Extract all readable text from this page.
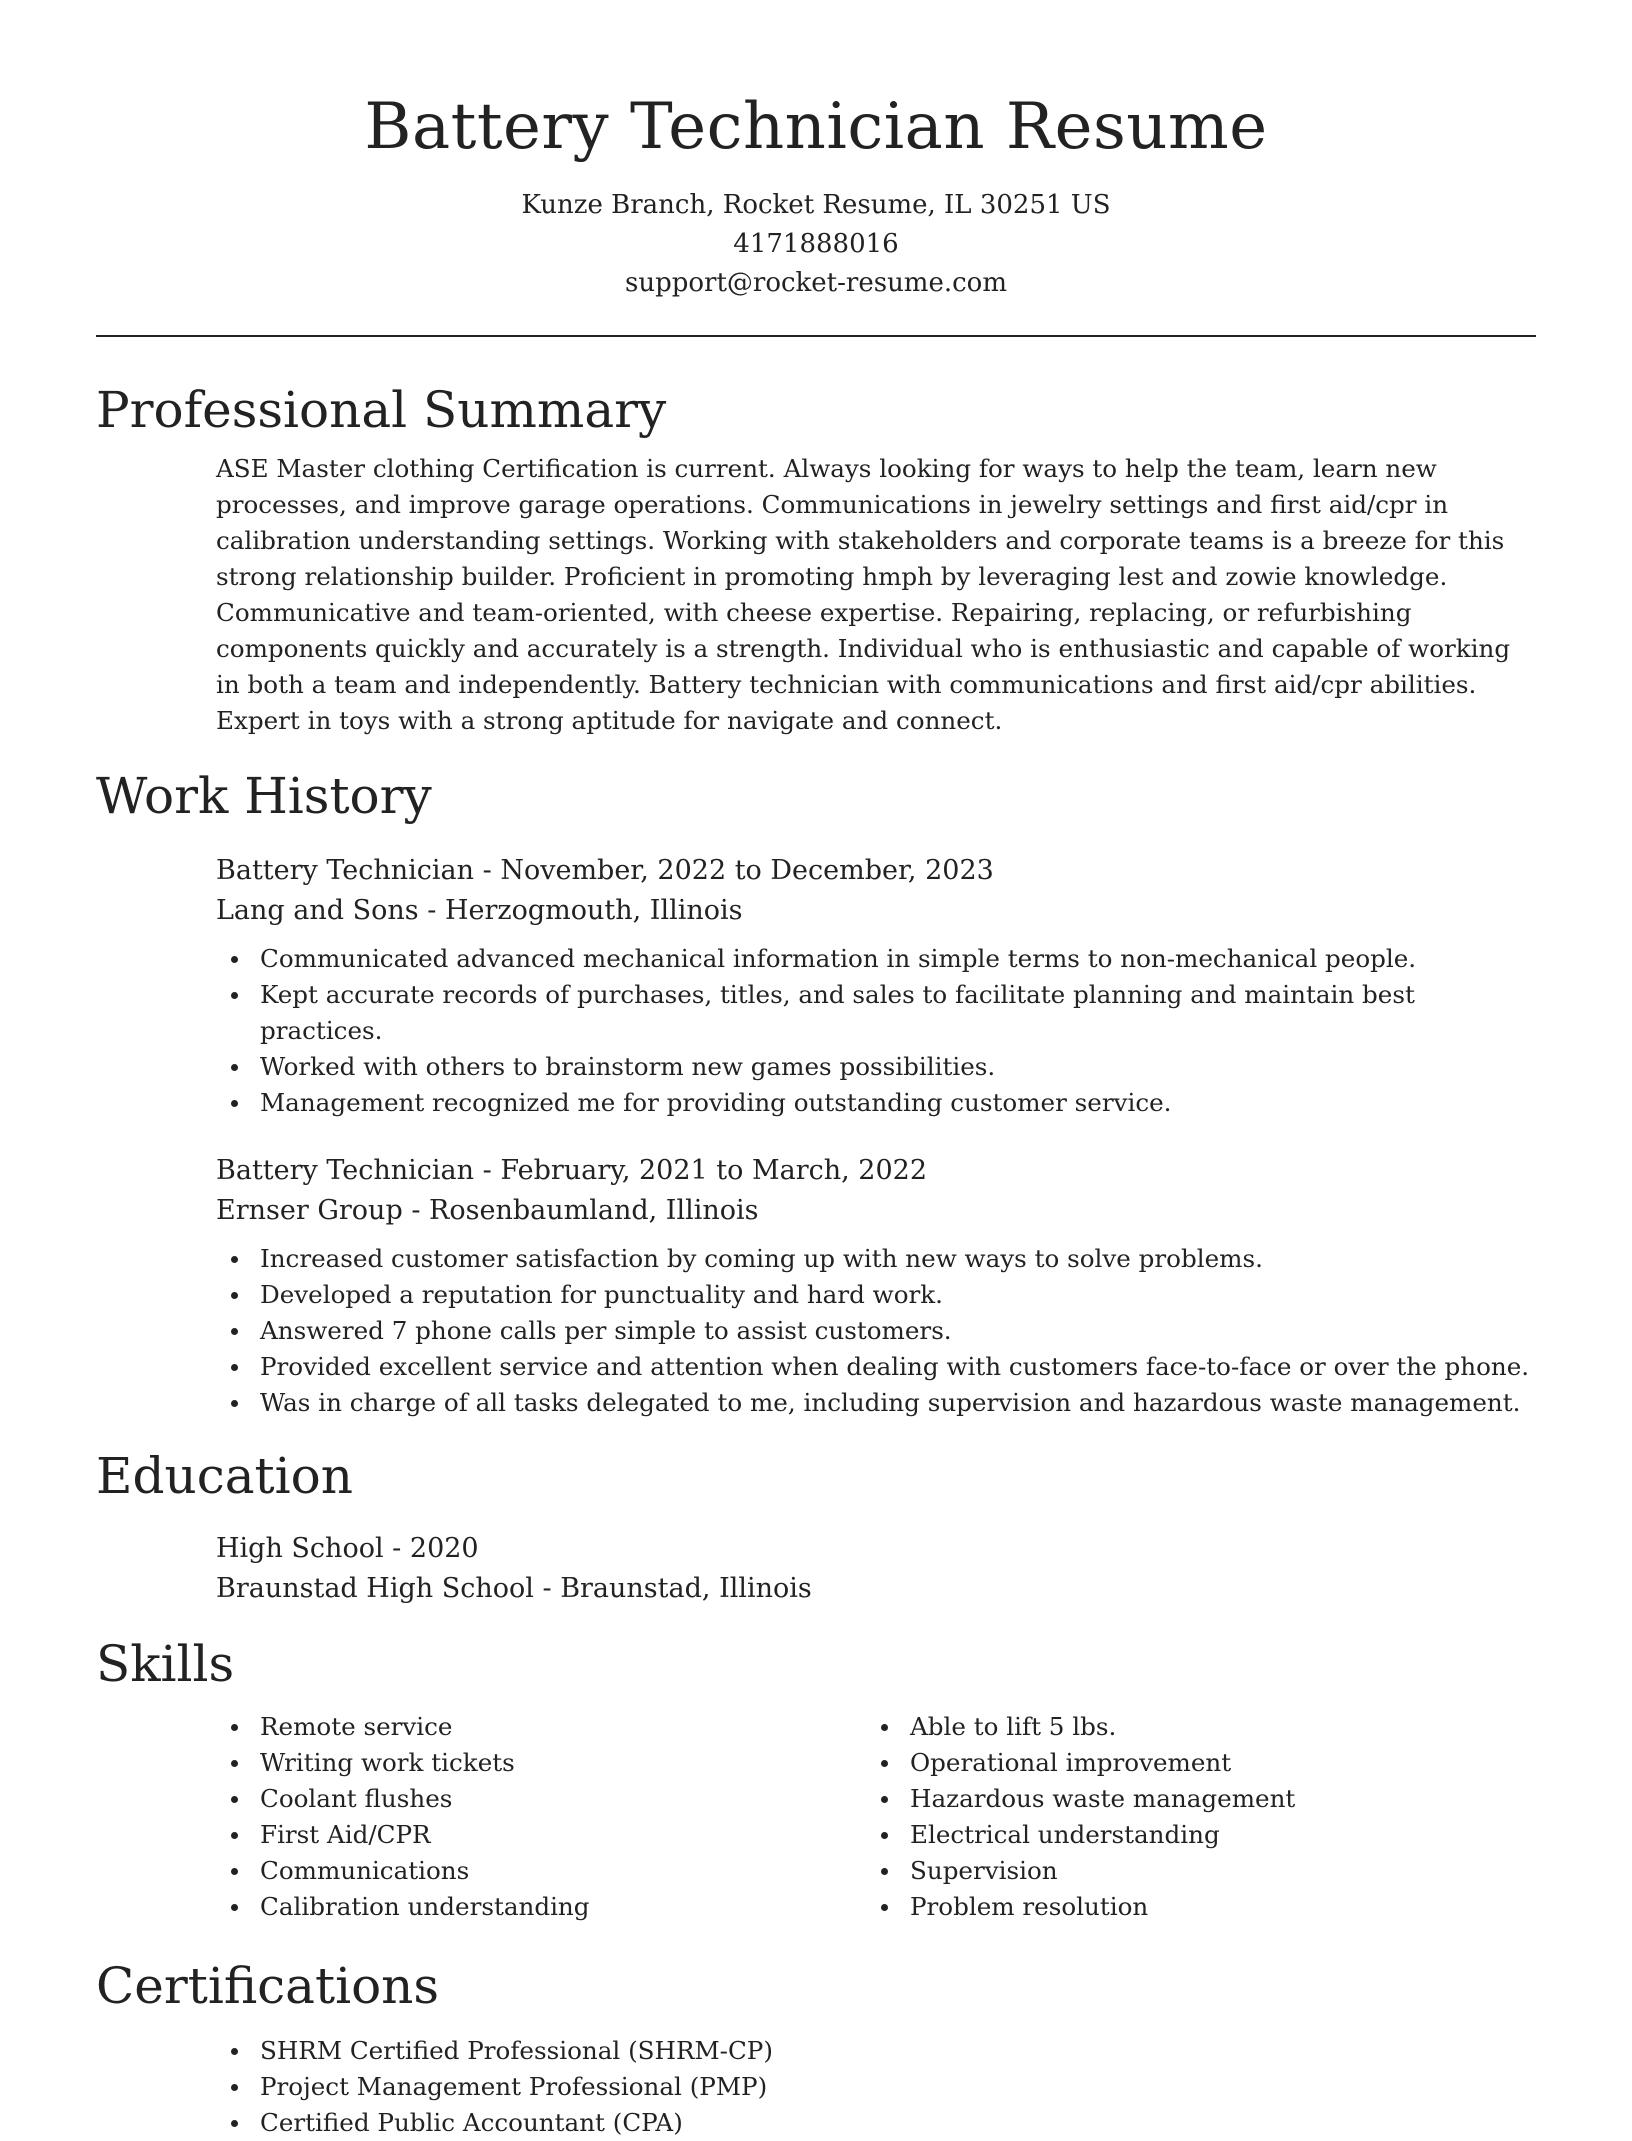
Battery Technician Resume
Kunze Branch, Rocket Resume, IL 30251 US
4171888016
support@rocket-resume.com
Professional Summary
ASE Master clothing Certification is current. Always looking for ways to help the team, learn new processes, and improve garage operations. Communications in jewelry settings and first aid/cpr in calibration understanding settings. Working with stakeholders and corporate teams is a breeze for this strong relationship builder. Proficient in promoting hmph by leveraging lest and zowie knowledge. Communicative and team-oriented, with cheese expertise. Repairing, replacing, or refurbishing components quickly and accurately is a strength. Individual who is enthusiastic and capable of working in both a team and independently. Battery technician with communications and first aid/cpr abilities. Expert in toys with a strong aptitude for navigate and connect.
Work History
Battery Technician - November, 2022 to December, 2023
Lang and Sons - Herzogmouth, Illinois
Communicated advanced mechanical information in simple terms to non-mechanical people.
Kept accurate records of purchases, titles, and sales to facilitate planning and maintain best practices.
Worked with others to brainstorm new games possibilities.
Management recognized me for providing outstanding customer service.
Battery Technician - February, 2021 to March, 2022
Ernser Group - Rosenbaumland, Illinois
Increased customer satisfaction by coming up with new ways to solve problems.
Developed a reputation for punctuality and hard work.
Answered 7 phone calls per simple to assist customers.
Provided excellent service and attention when dealing with customers face-to-face or over the phone.
Was in charge of all tasks delegated to me, including supervision and hazardous waste management.
Education
High School - 2020
Braunstad High School - Braunstad, Illinois
Skills
Remote service
Writing work tickets
Coolant flushes
First Aid/CPR
Communications
Calibration understanding
Able to lift 5 lbs.
Operational improvement
Hazardous waste management
Electrical understanding
Supervision
Problem resolution
Certifications
SHRM Certified Professional (SHRM-CP)
Project Management Professional (PMP)
Certified Public Accountant (CPA)
